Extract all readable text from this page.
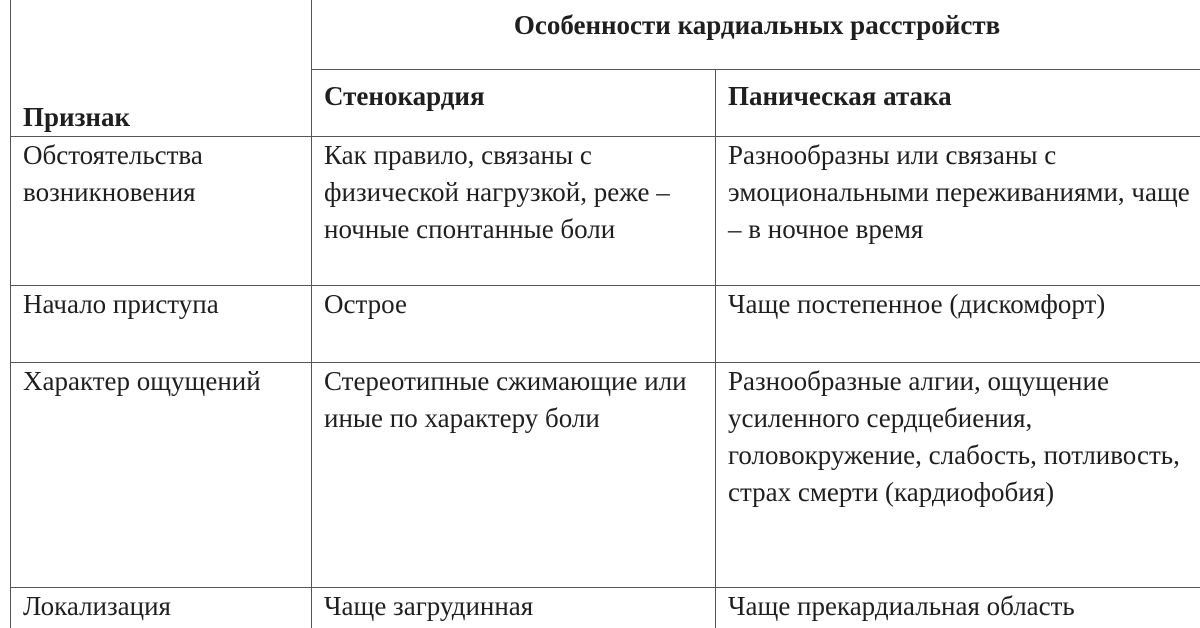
Признак	Особенности кардиальных расстройств	
	Стенокардия	Паническая атака
Обстоятельства возникновения	Как правило, связаны с физической нагрузкой, реже – ночные спонтанные боли	Разнообразны или связаны с эмоциональными переживаниями, чаще – в ночное время
Начало приступа	Острое	Чаще постепенное (дискомфорт)
Характер ощущений	Стереотипные сжимающие или иные по характеру боли	Разнообразные алгии, ощущение усиленного сердцебиения, головокружение, слабость, потливость, страх смерти (кардиофобия)
Локализация	Чаще загрудинная	Чаще прекардиальная область
